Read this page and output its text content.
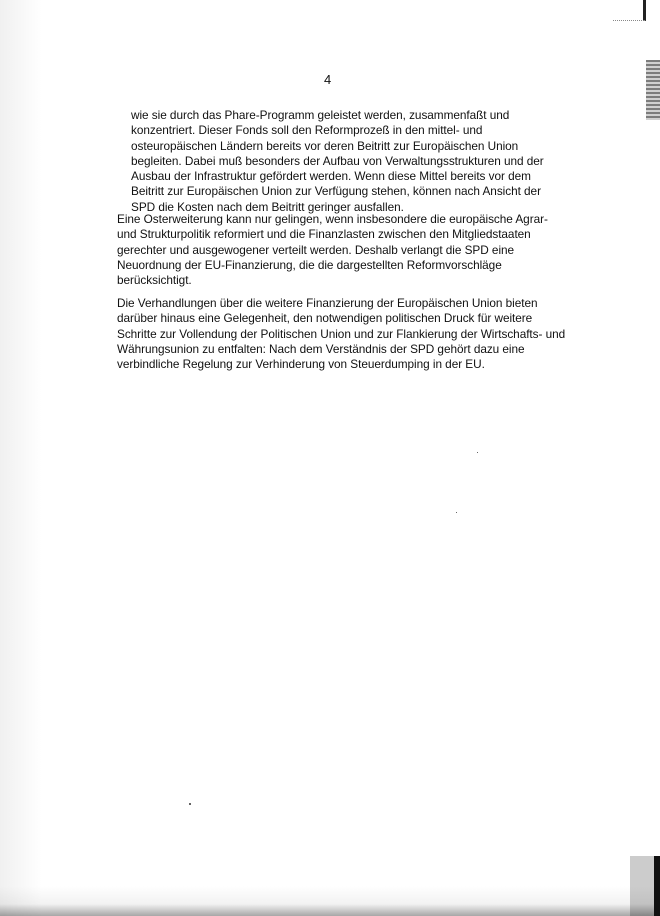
4
wie sie durch das Phare-Programm geleistet werden, zusammenfaßt und
konzentriert. Dieser Fonds soll den Reformprozeß in den mittel- und
osteuropäischen Ländern bereits vor deren Beitritt zur Europäischen Union
begleiten. Dabei muß besonders der Aufbau von Verwaltungsstrukturen und der
Ausbau der Infrastruktur gefördert werden. Wenn diese Mittel bereits vor dem
Beitritt zur Europäischen Union zur Verfügung stehen, können nach Ansicht der
SPD die Kosten nach dem Beitritt geringer ausfallen.
Eine Osterweiterung kann nur gelingen, wenn insbesondere die europäische Agrar-
und Strukturpolitik reformiert und die Finanzlasten zwischen den Mitgliedstaaten
gerechter und ausgewogener verteilt werden. Deshalb verlangt die SPD eine
Neuordnung der EU-Finanzierung, die die dargestellten Reformvorschläge
berücksichtigt.
Die Verhandlungen über die weitere Finanzierung der Europäischen Union bieten
darüber hinaus eine Gelegenheit, den notwendigen politischen Druck für weitere
Schritte zur Vollendung der Politischen Union und zur Flankierung der Wirtschafts- und
Währungsunion zu entfalten: Nach dem Verständnis der SPD gehört dazu eine
verbindliche Regelung zur Verhinderung von Steuerdumping in der EU.
